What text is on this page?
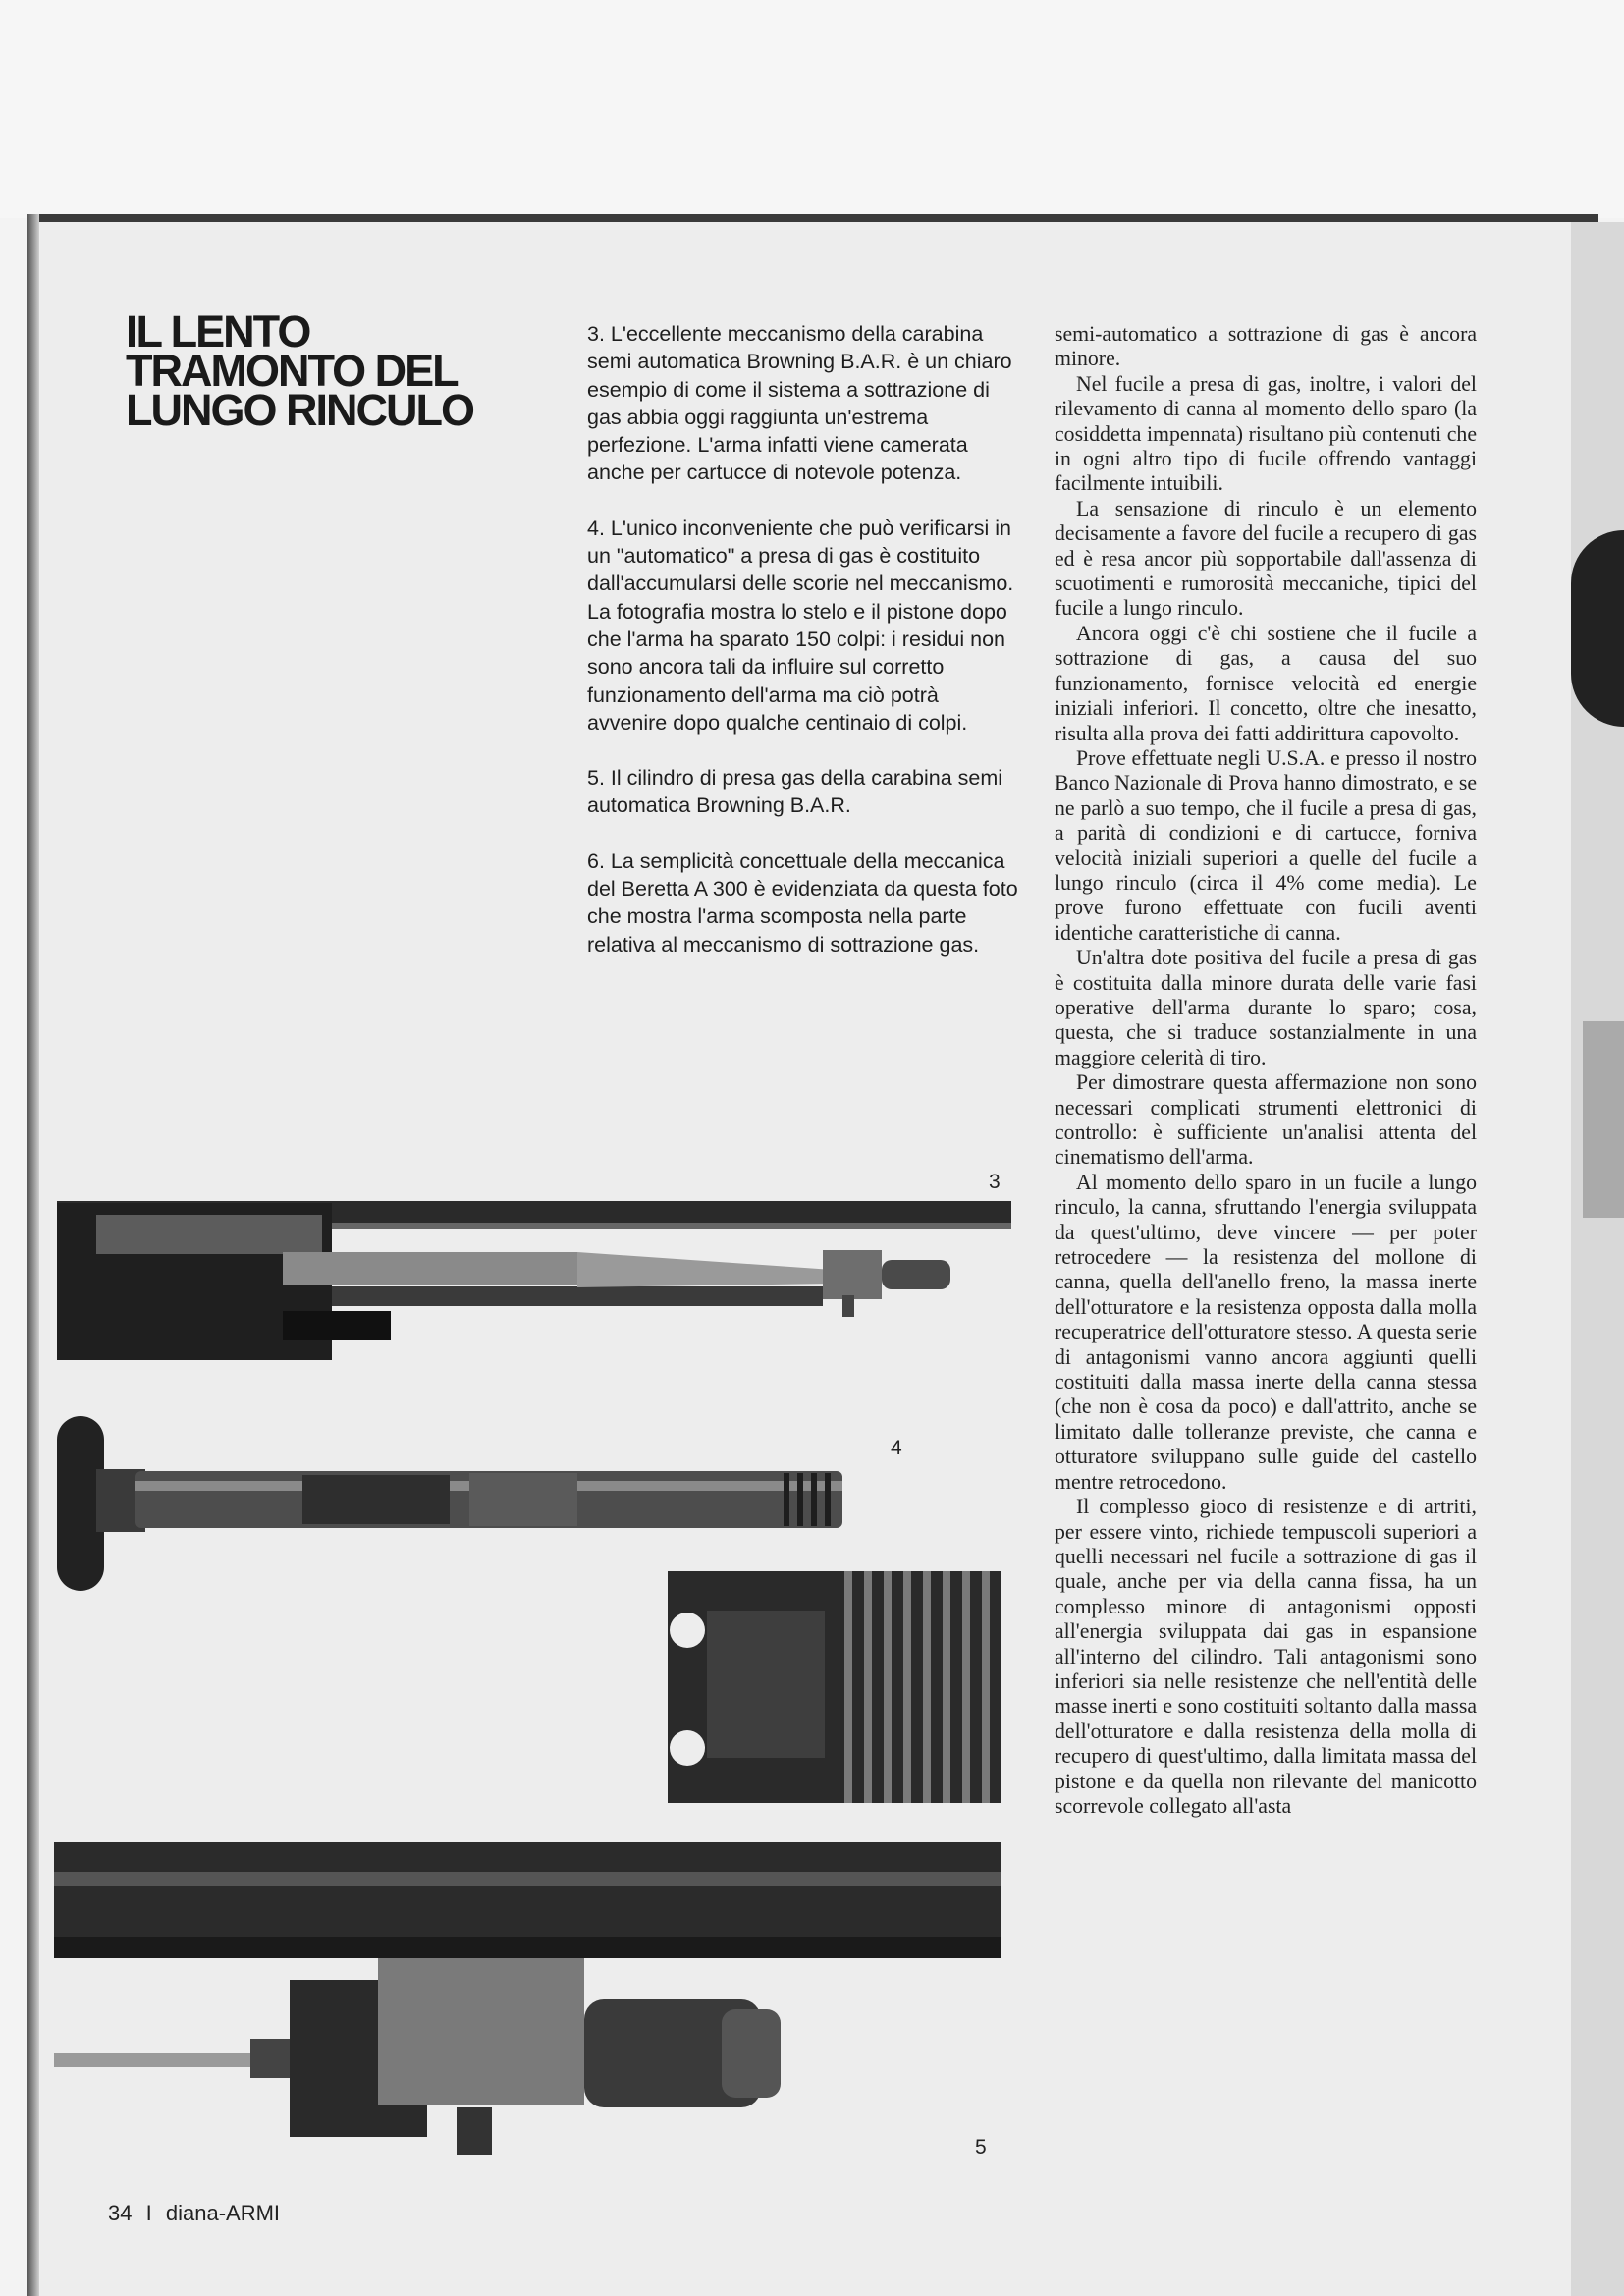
IL LENTO
TRAMONTO DEL
LUNGO RINCULO

3. L'eccellente meccanismo della carabina semi automatica Browning B.A.R. è un chiaro esempio di come il sistema a sottrazione di gas abbia oggi raggiunta un'estrema perfezione. L'arma infatti viene camerata anche per cartucce di notevole potenza.

4. L'unico inconveniente che può verificarsi in un "automatico" a presa di gas è costituito dall'accumularsi delle scorie nel meccanismo. La fotografia mostra lo stelo e il pistone dopo che l'arma ha sparato 150 colpi: i residui non sono ancora tali da influire sul corretto funzionamento dell'arma ma ciò potrà avvenire dopo qualche centinaio di colpi.

5. Il cilindro di presa gas della carabina semi automatica Browning B.A.R.

6. La semplicità concettuale della meccanica del Beretta A 300 è evidenziata da questa foto che mostra l'arma scomposta nella parte relativa al meccanismo di sottrazione gas.

semi-automatico a sottrazione di gas è ancora minore.

Nel fucile a presa di gas, inoltre, i valori del rilevamento di canna al momento dello sparo (la cosiddetta impennata) risultano più contenuti che in ogni altro tipo di fucile offrendo vantaggi facilmente intuibili.

La sensazione di rinculo è un elemento decisamente a favore del fucile a recupero di gas ed è resa ancor più sopportabile dall'assenza di scuotimenti e rumorosità meccaniche, tipici del fucile a lungo rinculo.

Ancora oggi c'è chi sostiene che il fucile a sottrazione di gas, a causa del suo funzionamento, fornisce velocità ed energie iniziali inferiori. Il concetto, oltre che inesatto, risulta alla prova dei fatti addirittura capovolto.

Prove effettuate negli U.S.A. e presso il nostro Banco Nazionale di Prova hanno dimostrato, e se ne parlò a suo tempo, che il fucile a presa di gas, a parità di condizioni e di cartucce, forniva velocità iniziali superiori a quelle del fucile a lungo rinculo (circa il 4% come media). Le prove furono effettuate con fucili aventi identiche caratteristiche di canna.

Un'altra dote positiva del fucile a presa di gas è costituita dalla minore durata delle varie fasi operative dell'arma durante lo sparo; cosa, questa, che si traduce sostanzialmente in una maggiore celerità di tiro.

Per dimostrare questa affermazione non sono necessari complicati strumenti elettronici di controllo: è sufficiente un'analisi attenta del cinematismo dell'arma.

Al momento dello sparo in un fucile a lungo rinculo, la canna, sfruttando l'energia sviluppata da quest'ultimo, deve vincere — per poter retrocedere — la resistenza del mollone di canna, quella dell'anello freno, la massa inerte dell'otturatore e la resistenza opposta dalla molla recuperatrice dell'otturatore stesso. A questa serie di antagonismi vanno ancora aggiunti quelli costituiti dalla massa inerte della canna stessa (che non è cosa da poco) e dall'attrito, anche se limitato dalle tolleranze previste, che canna e otturatore sviluppano sulle guide del castello mentre retrocedono.

Il complesso gioco di resistenze e di artriti, per essere vinto, richiede tempuscoli superiori a quelli necessari nel fucile a sottrazione di gas il quale, anche per via della canna fissa, ha un complesso minore di antagonismi opposti all'energia sviluppata dai gas in espansione all'interno del cilindro. Tali antagonismi sono inferiori sia nelle resistenze che nell'entità delle masse inerti e sono costituiti soltanto dalla massa dell'otturatore e dalla resistenza della molla di recupero di quest'ultimo, dalla limitata massa del pistone e da quella non rilevante del manicotto scorrevole collegato all'asta

3
4
5
34 I diana-ARMI
